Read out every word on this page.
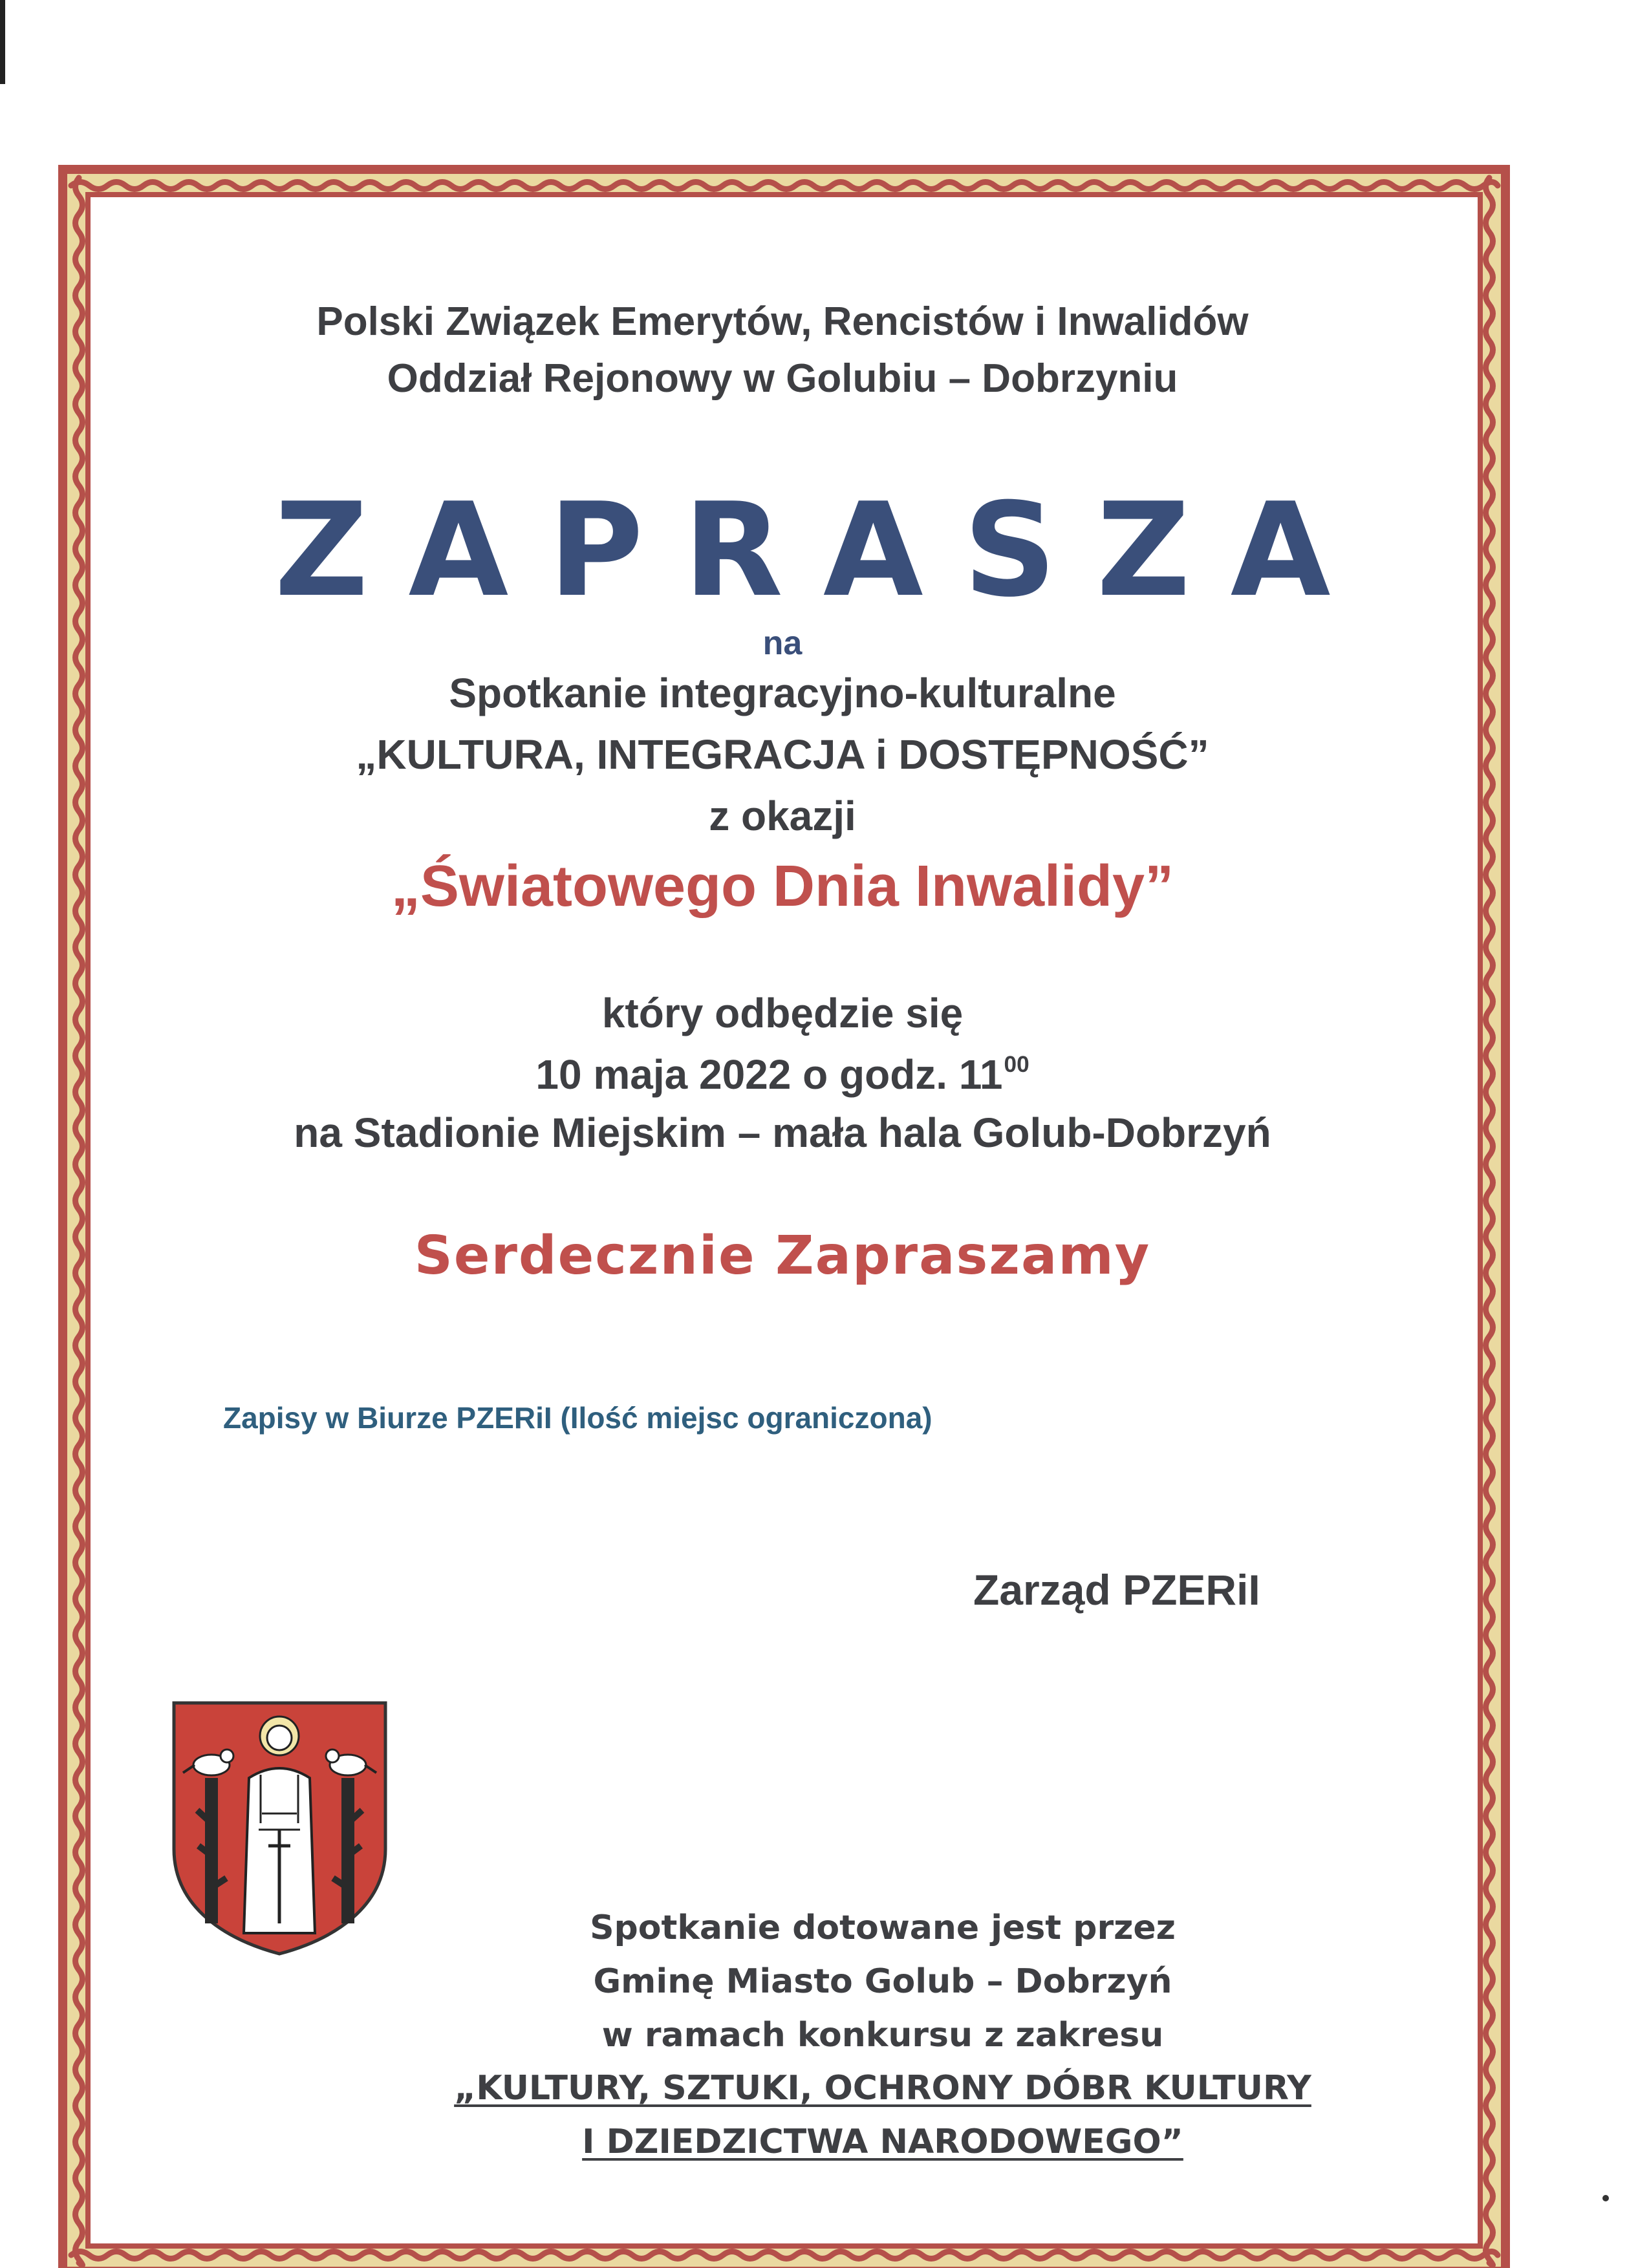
Polski Związek Emerytów, Rencistów i Inwalidów

Oddział Rejonowy w Golubiu – Dobrzyniu

ZAPRASZA

na

Spotkanie integracyjno-kulturalne

„KULTURA, INTEGRACJA i DOSTĘPNOŚĆ”

z okazji

„Światowego Dnia Inwalidy”

który odbędzie się

10 maja 2022 o godz. $11^{00}$

na Stadionie Miejskim – mała hala Golub-Dobrzyń

Serdecznie Zapraszamy

Zapisy w Biurze PZERiI (Ilość miejsc ograniczona)

Zarząd PZERiI

Spotkanie dotowane jest przez

Gminę Miasto Golub – Dobrzyń

w ramach konkursu z zakresu

„KULTURY, SZTUKI, OCHRONY DÓBR KULTURY

I DZIEDZICTWA NARODOWEGO”
